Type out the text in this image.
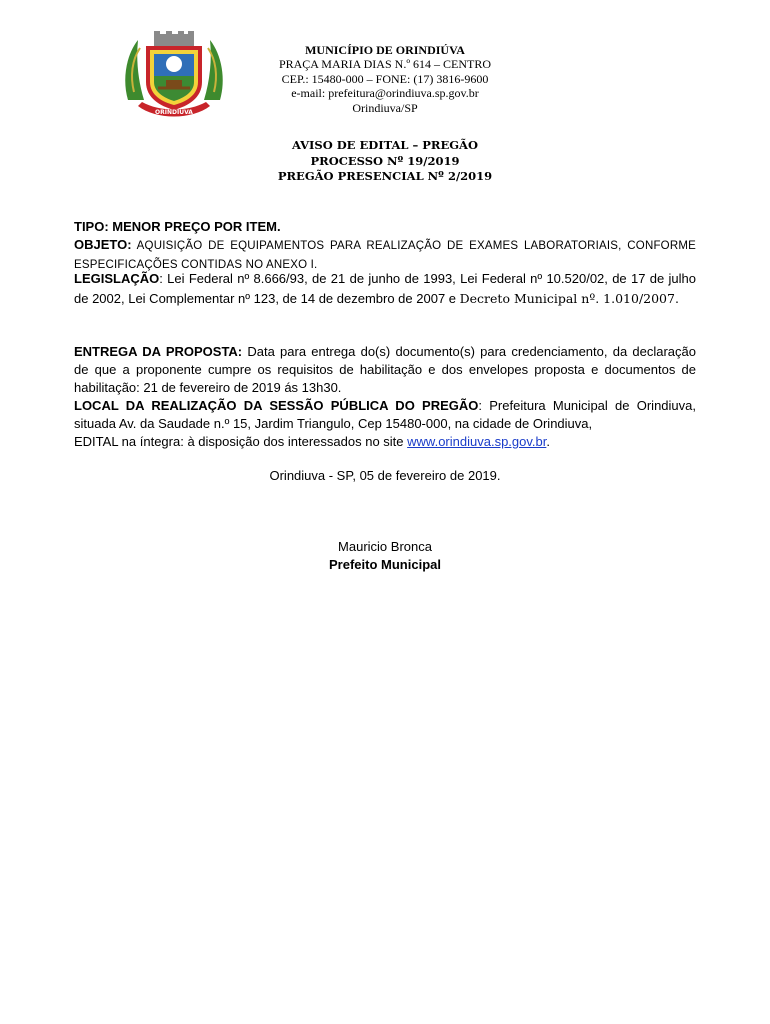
ORINDIUVA
MUNICÍPIO DE ORINDIÚVA
PRAÇA MARIA DIAS N.º 614 – CENTRO
CEP.: 15480-000 – FONE: (17) 3816-9600
e-mail: prefeitura@orindiuva.sp.gov.br
Orindiuva/SP
AVISO DE EDITAL – PREGÃO
PROCESSO Nº 19/2019
PREGÃO PRESENCIAL Nº 2/2019
TIPO: MENOR PREÇO POR ITEM.
OBJETO: AQUISIÇÃO DE EQUIPAMENTOS PARA REALIZAÇÃO DE EXAMES LABORATORIAIS, CONFORME ESPECIFICAÇÕES CONTIDAS NO ANEXO I.
LEGISLAÇÃO: Lei Federal nº 8.666/93, de 21 de junho de 1993, Lei Federal nº 10.520/02, de 17 de julho de 2002, Lei Complementar nº 123, de 14 de dezembro de 2007 e Decreto Municipal nº. 1.010/2007.
ENTREGA DA PROPOSTA: Data para entrega do(s) documento(s) para credenciamento, da declaração de que a proponente cumpre os requisitos de habilitação e dos envelopes proposta e documentos de habilitação: 21 de fevereiro de 2019 ás 13h30.
LOCAL DA REALIZAÇÃO DA SESSÃO PÚBLICA DO PREGÃO: Prefeitura Municipal de Orindiuva, situada Av. da Saudade n.º 15, Jardim Triangulo, Cep 15480-000, na cidade de Orindiuva,
EDITAL na íntegra: à disposição dos interessados no site www.orindiuva.sp.gov.br.
Orindiuva - SP, 05 de fevereiro de 2019.
Mauricio Bronca
Prefeito Municipal
